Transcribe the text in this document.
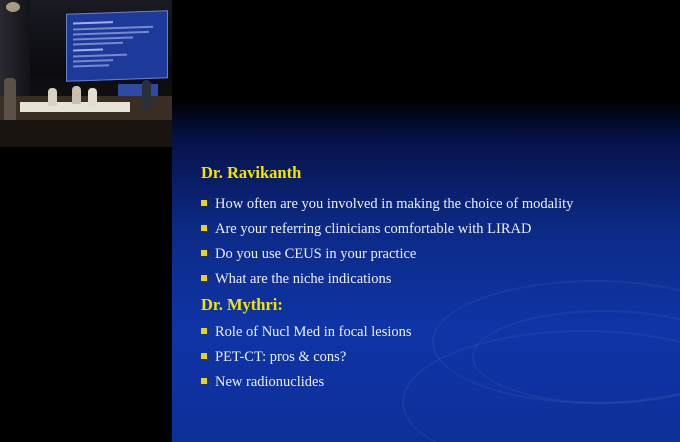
Dr. Ravikanth
How often are you involved in making the choice of modality
Are your referring clinicians comfortable with LIRAD
Do you use CEUS in your practice
What are the niche indications
Dr. Mythri:
Role of Nucl Med in focal lesions
PET-CT: pros & cons?
New radionuclides
